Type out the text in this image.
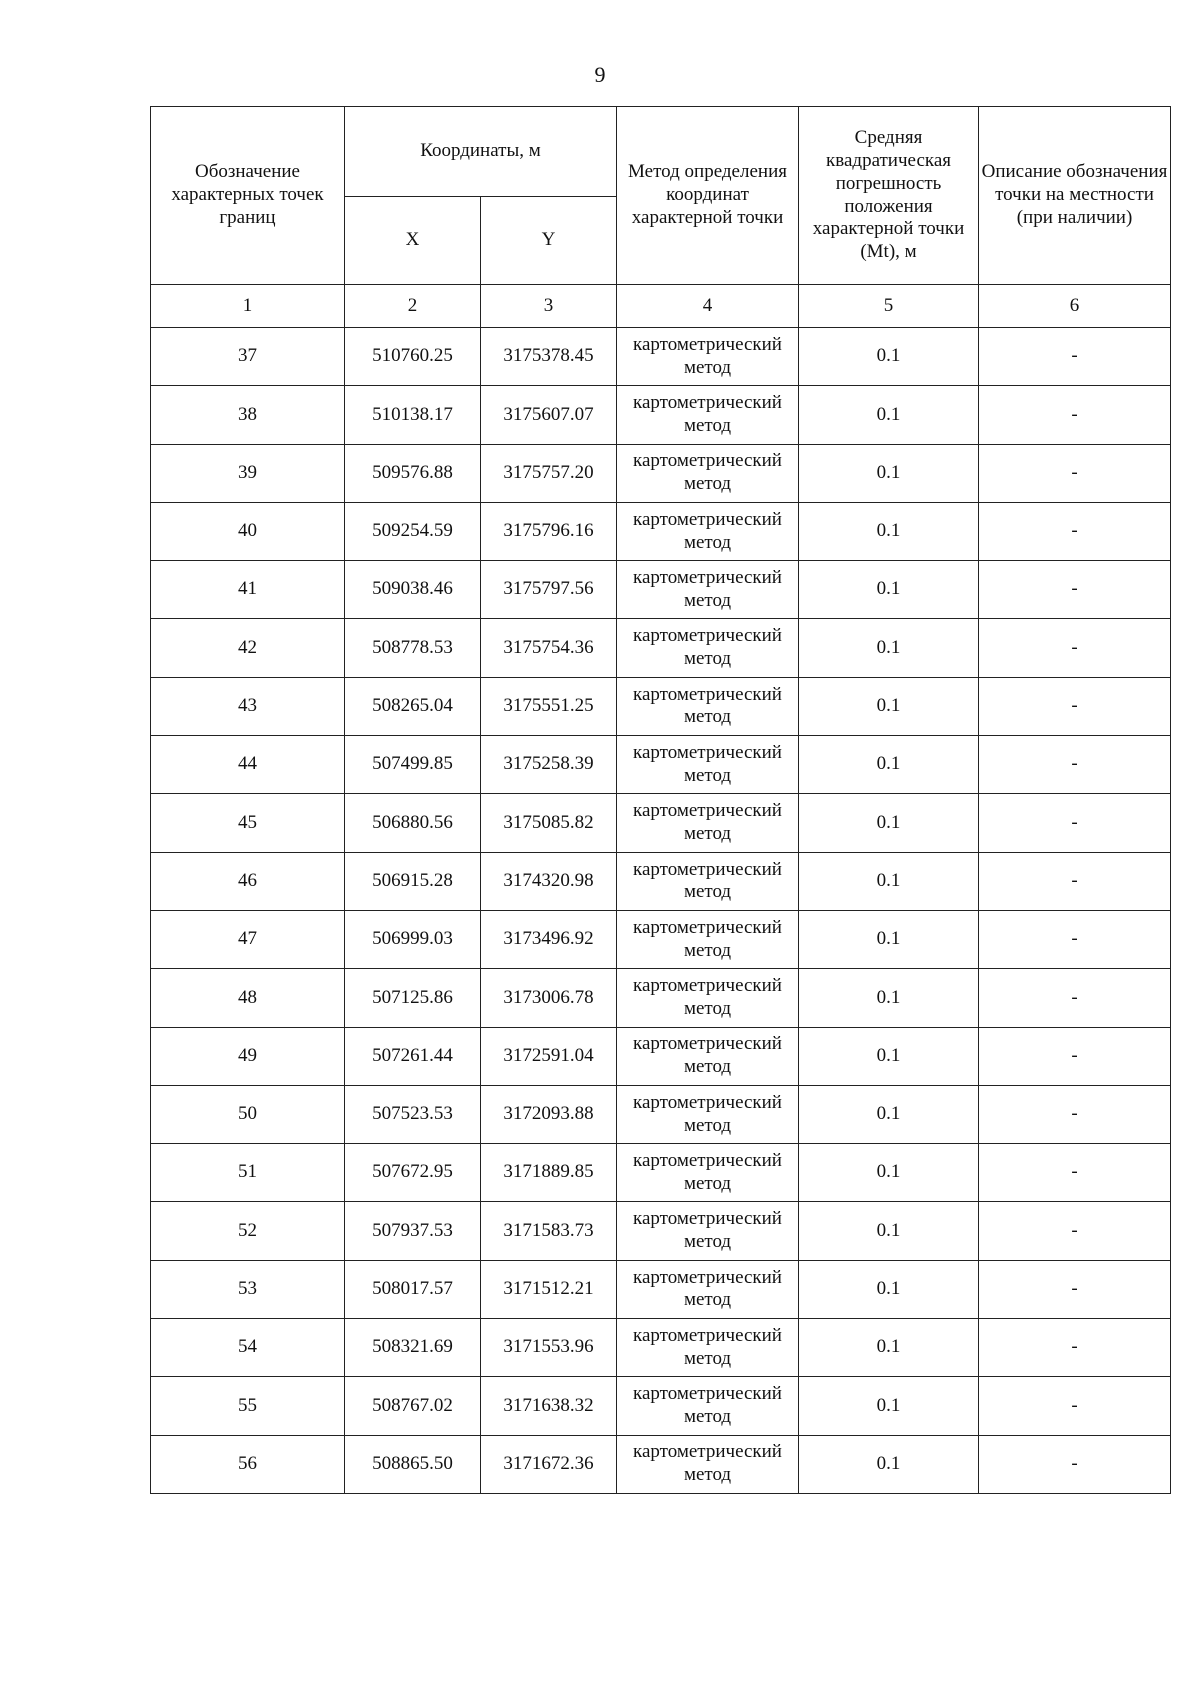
9
Обозначение характерных точек границ	Координаты, м		Метод определения координат характерной точки	Средняя квадратическая погрешность положения характерной точки (Mt), м	Описание обозначения точки на местности (при наличии)
	X	Y			
1	2	3	4	5	6
37	510760.25	3175378.45	картометрический метод	0.1	-
38	510138.17	3175607.07	картометрический метод	0.1	-
39	509576.88	3175757.20	картометрический метод	0.1	-
40	509254.59	3175796.16	картометрический метод	0.1	-
41	509038.46	3175797.56	картометрический метод	0.1	-
42	508778.53	3175754.36	картометрический метод	0.1	-
43	508265.04	3175551.25	картометрический метод	0.1	-
44	507499.85	3175258.39	картометрический метод	0.1	-
45	506880.56	3175085.82	картометрический метод	0.1	-
46	506915.28	3174320.98	картометрический метод	0.1	-
47	506999.03	3173496.92	картометрический метод	0.1	-
48	507125.86	3173006.78	картометрический метод	0.1	-
49	507261.44	3172591.04	картометрический метод	0.1	-
50	507523.53	3172093.88	картометрический метод	0.1	-
51	507672.95	3171889.85	картометрический метод	0.1	-
52	507937.53	3171583.73	картометрический метод	0.1	-
53	508017.57	3171512.21	картометрический метод	0.1	-
54	508321.69	3171553.96	картометрический метод	0.1	-
55	508767.02	3171638.32	картометрический метод	0.1	-
56	508865.50	3171672.36	картометрический метод	0.1	-
